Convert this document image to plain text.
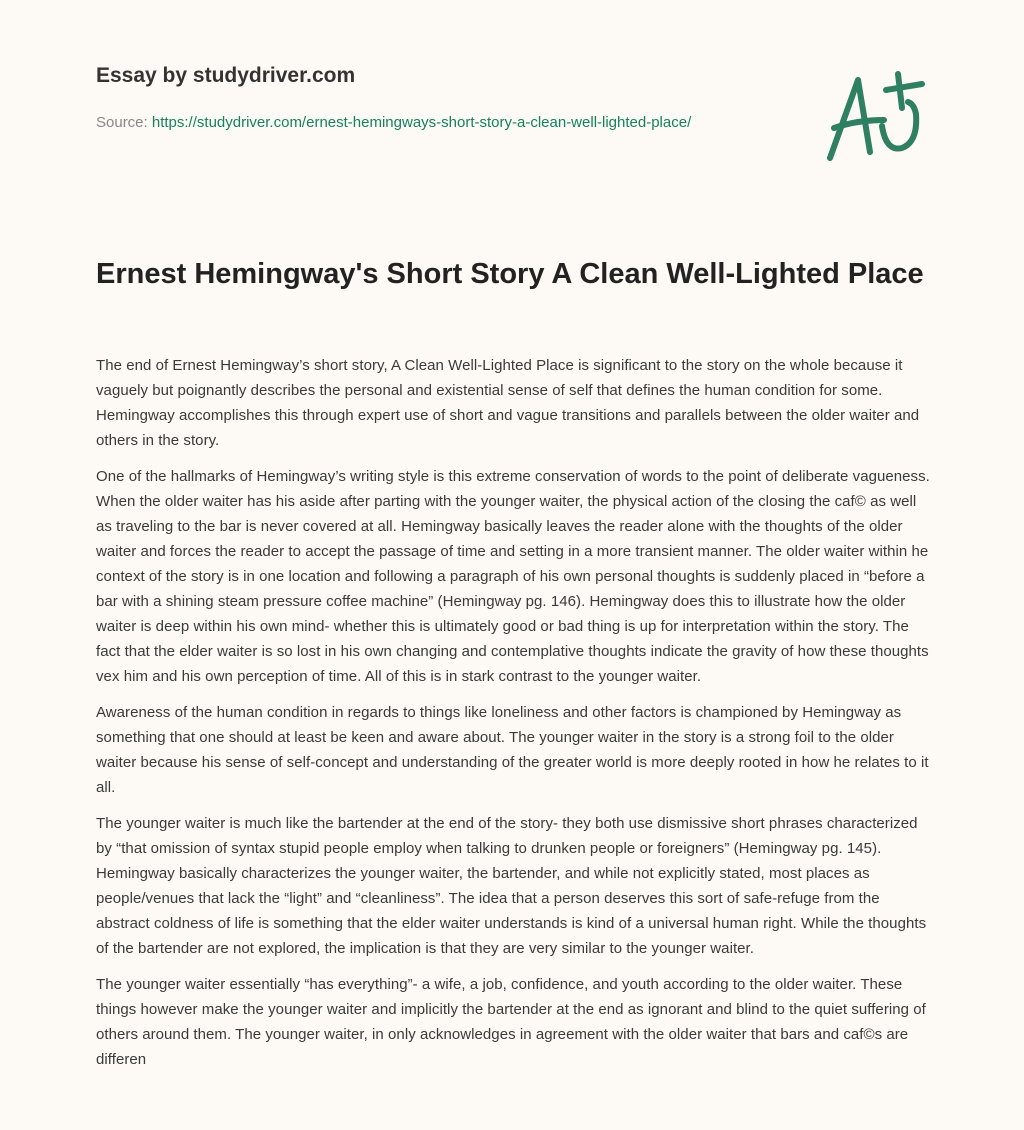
Essay by studydriver.com
Source: https://studydriver.com/ernest-hemingways-short-story-a-clean-well-lighted-place/
Ernest Hemingway's Short Story A Clean Well-Lighted Place

The end of Ernest Hemingway’s short story, A Clean Well-Lighted Place is significant to the story on the whole because it vaguely but poignantly describes the personal and existential sense of self that defines the human condition for some. Hemingway accomplishes this through expert use of short and vague transitions and parallels between the older waiter and others in the story.

One of the hallmarks of Hemingway’s writing style is this extreme conservation of words to the point of deliberate vagueness. When the older waiter has his aside after parting with the younger waiter, the physical action of the closing the caf© as well as traveling to the bar is never covered at all. Hemingway basically leaves the reader alone with the thoughts of the older waiter and forces the reader to accept the passage of time and setting in a more transient manner. The older waiter within he context of the story is in one location and following a paragraph of his own personal thoughts is suddenly placed in “before a bar with a shining steam pressure coffee machine” (Hemingway pg. 146). Hemingway does this to illustrate how the older waiter is deep within his own mind- whether this is ultimately good or bad thing is up for interpretation within the story. The fact that the elder waiter is so lost in his own changing and contemplative thoughts indicate the gravity of how these thoughts vex him and his own perception of time. All of this is in stark contrast to the younger waiter.

Awareness of the human condition in regards to things like loneliness and other factors is championed by Hemingway as something that one should at least be keen and aware about. The younger waiter in the story is a strong foil to the older waiter because his sense of self-concept and understanding of the greater world is more deeply rooted in how he relates to it all.

The younger waiter is much like the bartender at the end of the story- they both use dismissive short phrases characterized by “that omission of syntax stupid people employ when talking to drunken people or foreigners” (Hemingway pg. 145). Hemingway basically characterizes the younger waiter, the bartender, and while not explicitly stated, most places as people/venues that lack the “light” and “cleanliness”. The idea that a person deserves this sort of safe-refuge from the abstract coldness of life is something that the elder waiter understands is kind of a universal human right. While the thoughts of the bartender are not explored, the implication is that they are very similar to the younger waiter.

The younger waiter essentially “has everything”- a wife, a job, confidence, and youth according to the older waiter. These things however make the younger waiter and implicitly the bartender at the end as ignorant and blind to the quiet suffering of others around them. The younger waiter, in only acknowledges in agreement with the older waiter that bars and caf©s are differen
